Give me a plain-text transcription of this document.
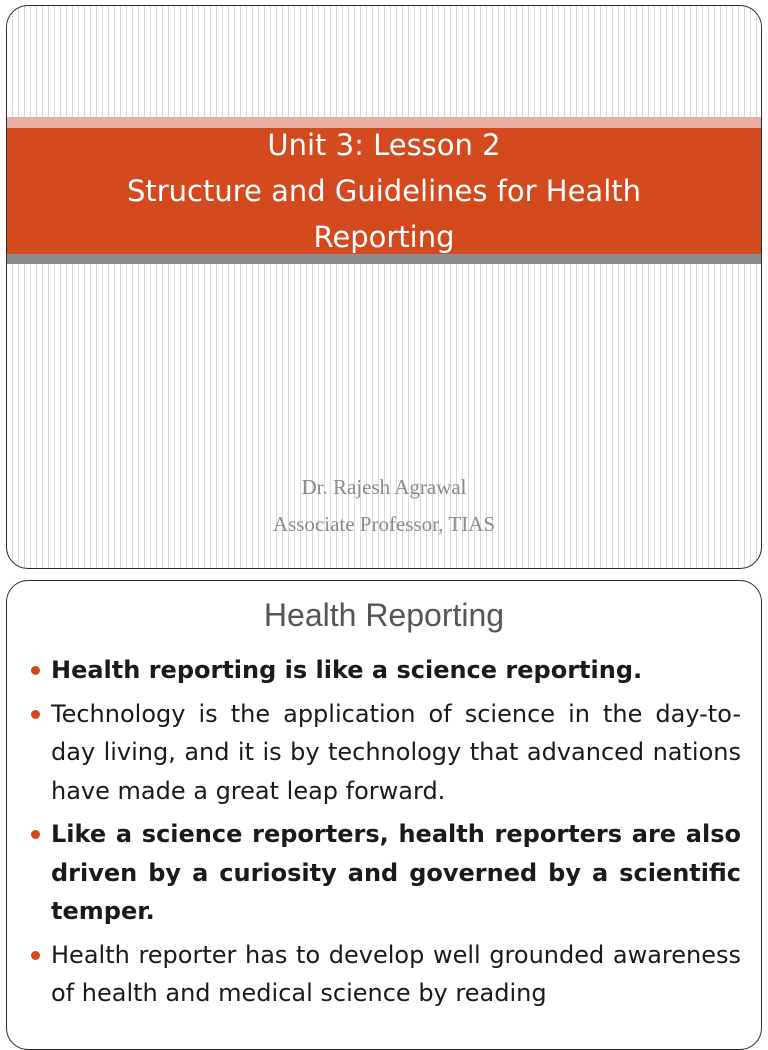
Unit 3: Lesson 2
Structure and Guidelines for Health
Reporting
Dr. Rajesh Agrawal
Associate Professor, TIAS
Health Reporting
Health reporting is like a science reporting.
Technology is the application of science in the day-to-day living, and it is by technology that advanced nations have made a great leap forward.
Like a science reporters, health reporters are also driven by a curiosity and governed by a scientific temper.
Health reporter has to develop well grounded awareness of health and medical science by reading
